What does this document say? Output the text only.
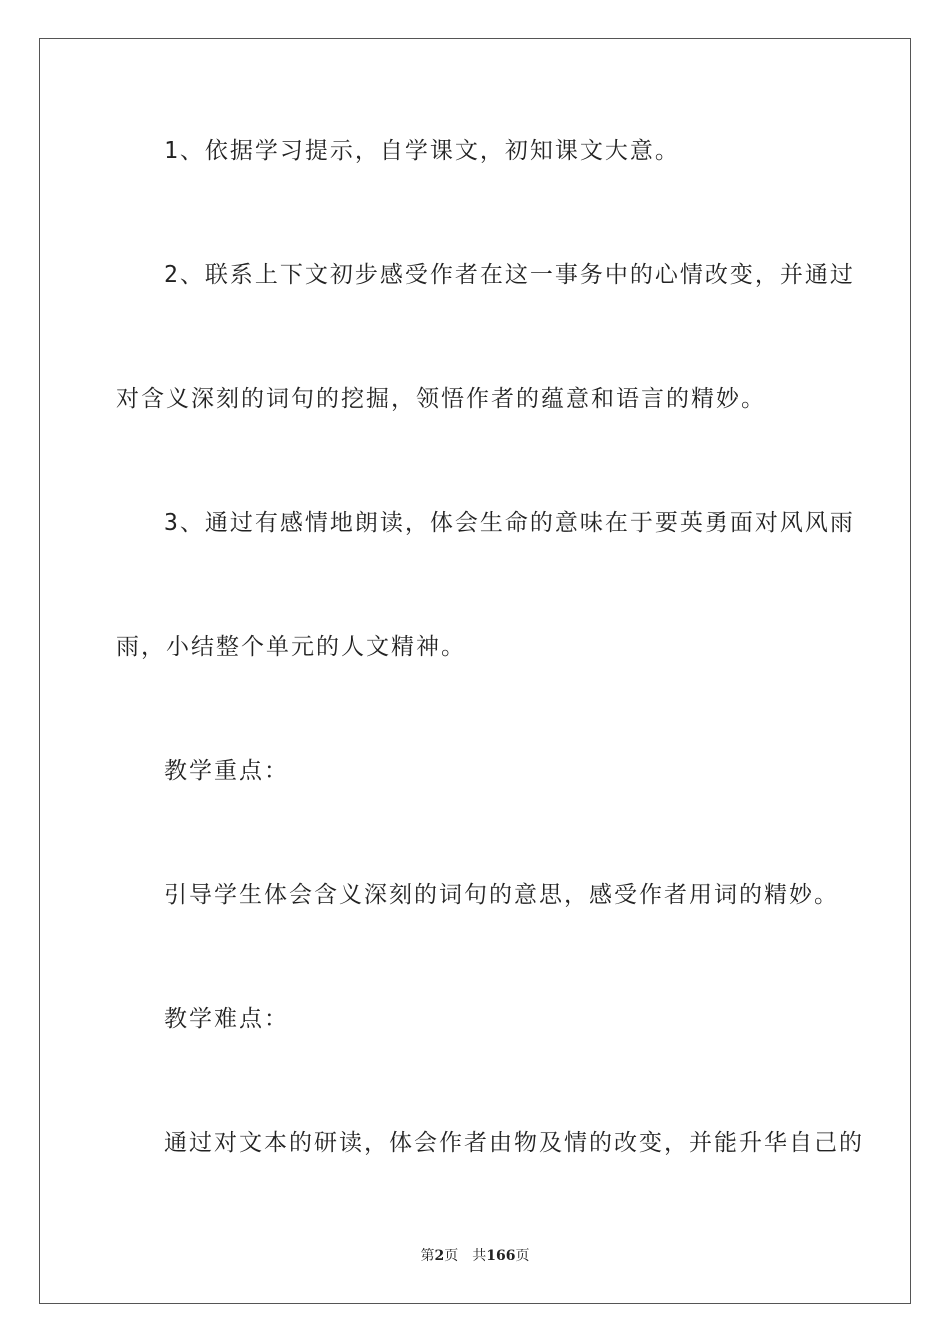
1、依据学习提示，自学课文，初知课文大意。
2、联系上下文初步感受作者在这一事务中的心情改变，并通过
对含义深刻的词句的挖掘，领悟作者的蕴意和语言的精妙。
3、通过有感情地朗读，体会生命的意味在于要英勇面对风风雨
雨，小结整个单元的人文精神。
教学重点：
引导学生体会含义深刻的词句的意思，感受作者用词的精妙。
教学难点：
通过对文本的研读，体会作者由物及情的改变，并能升华自己的
第2页 共166页
